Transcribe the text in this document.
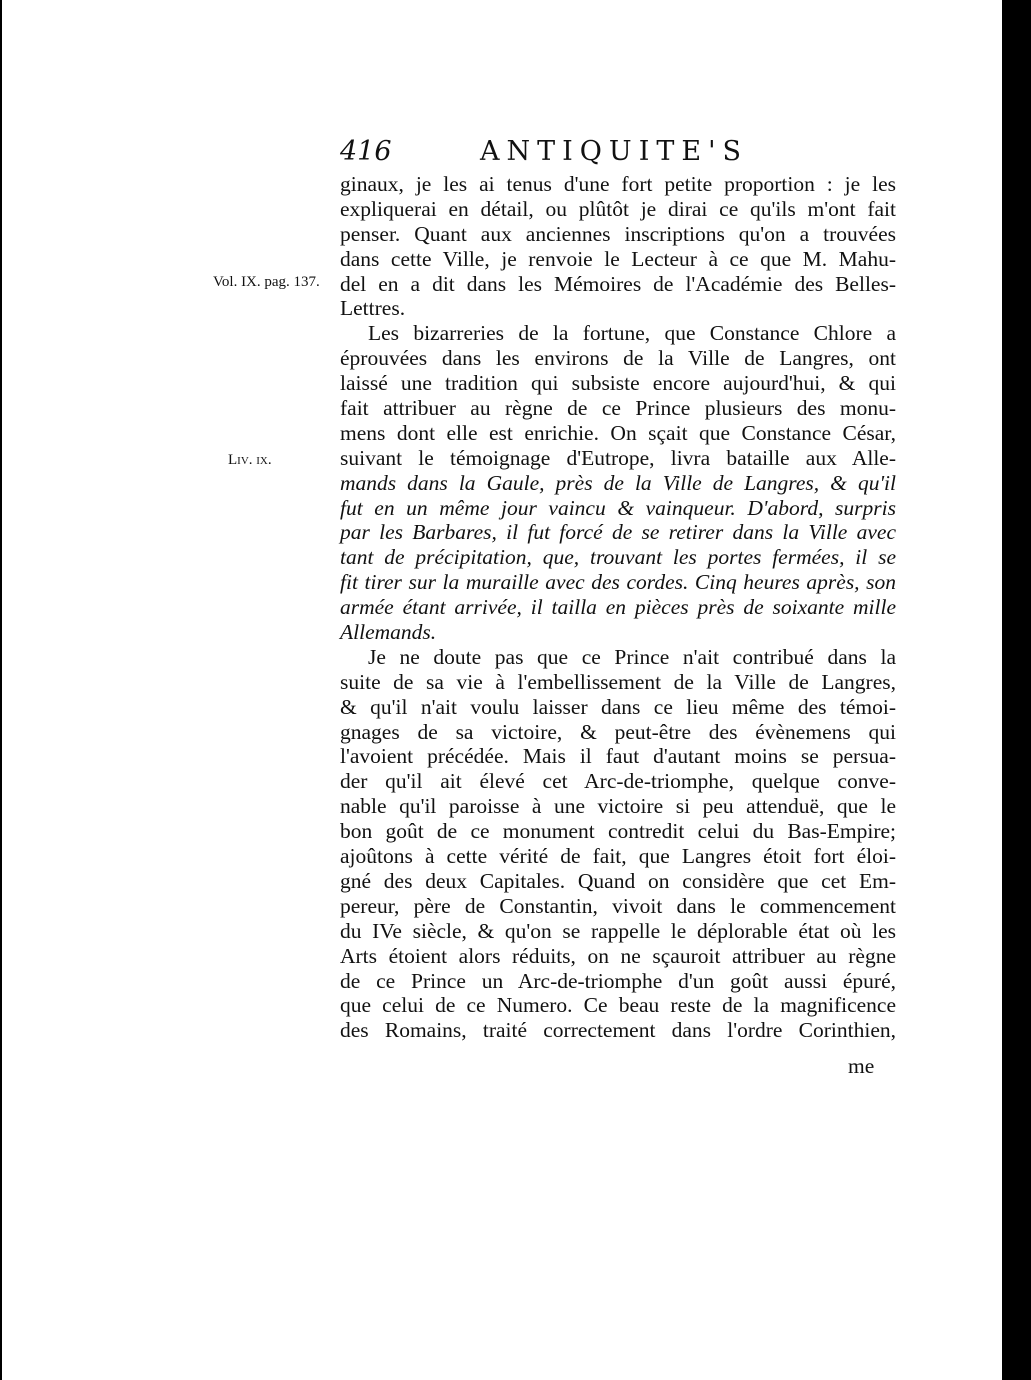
416	ANTIQUITE'S
Vol. IX. pag. 137.
Liv. ix.
ginaux, je les ai tenus d'une fort petite proportion : je les
expliquerai en détail, ou plûtôt je dirai ce qu'ils m'ont fait
penser. Quant aux anciennes inscriptions qu'on a trouvées
dans cette Ville, je renvoie le Lecteur à ce que M. Mahu-
del en a dit dans les Mémoires de l'Académie des Belles-
Lettres.
Les bizarreries de la fortune, que Constance Chlore a
éprouvées dans les environs de la Ville de Langres, ont
laissé une tradition qui subsiste encore aujourd'hui, & qui
fait attribuer au règne de ce Prince plusieurs des monu-
mens dont elle est enrichie. On sçait que Constance César,
suivant le témoignage d'Eutrope, livra bataille aux Alle-
mands dans la Gaule, près de la Ville de Langres, & qu'il
fut en un même jour vaincu & vainqueur. D'abord, surpris
par les Barbares, il fut forcé de se retirer dans la Ville avec
tant de précipitation, que, trouvant les portes fermées, il se
fit tirer sur la muraille avec des cordes. Cinq heures après, son
armée étant arrivée, il tailla en pièces près de soixante mille
Allemands.
Je ne doute pas que ce Prince n'ait contribué dans la
suite de sa vie à l'embellissement de la Ville de Langres,
& qu'il n'ait voulu laisser dans ce lieu même des témoi-
gnages de sa victoire, & peut-être des évènemens qui
l'avoient précédée. Mais il faut d'autant moins se persua-
der qu'il ait élevé cet Arc-de-triomphe, quelque conve-
nable qu'il paroisse à une victoire si peu attenduë, que le
bon goût de ce monument contredit celui du Bas-Empire;
ajoûtons à cette vérité de fait, que Langres étoit fort éloi-
gné des deux Capitales. Quand on considère que cet Em-
pereur, père de Constantin, vivoit dans le commencement
du IVe siècle, & qu'on se rappelle le déplorable état où les
Arts étoient alors réduits, on ne sçauroit attribuer au règne
de ce Prince un Arc-de-triomphe d'un goût aussi épuré,
que celui de ce Numero. Ce beau reste de la magnificence
des Romains, traité correctement dans l'ordre Corinthien,
me
